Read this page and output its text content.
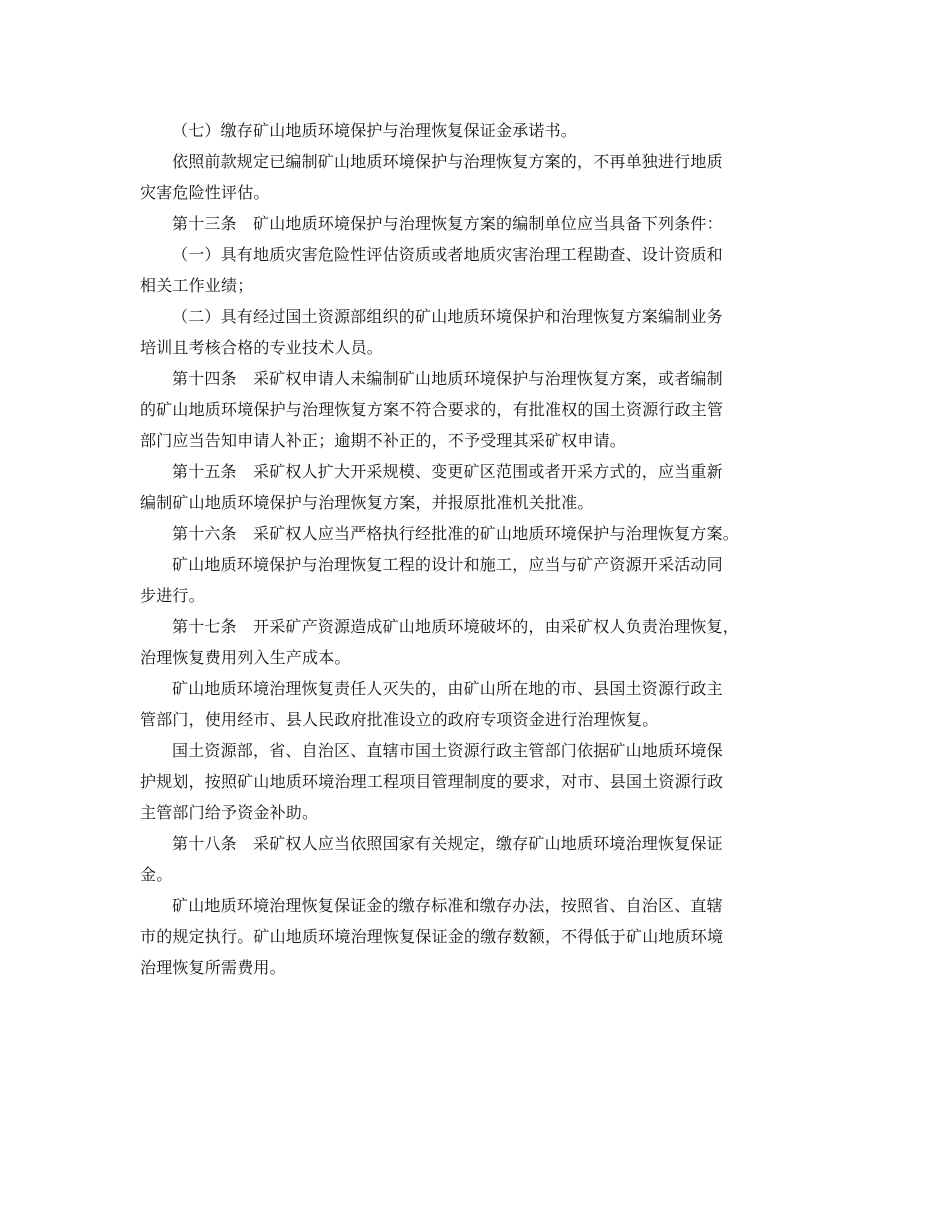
（七）缴存矿山地质环境保护与治理恢复保证金承诺书。

依照前款规定已编制矿山地质环境保护与治理恢复方案的，不再单独进行地质
灾害危险性评估。

第十三条　矿山地质环境保护与治理恢复方案的编制单位应当具备下列条件：

（一）具有地质灾害危险性评估资质或者地质灾害治理工程勘查、设计资质和
相关工作业绩；

（二）具有经过国土资源部组织的矿山地质环境保护和治理恢复方案编制业务
培训且考核合格的专业技术人员。

第十四条　采矿权申请人未编制矿山地质环境保护与治理恢复方案，或者编制
的矿山地质环境保护与治理恢复方案不符合要求的，有批准权的国土资源行政主管
部门应当告知申请人补正；逾期不补正的，不予受理其采矿权申请。

第十五条　采矿权人扩大开采规模、变更矿区范围或者开采方式的，应当重新
编制矿山地质环境保护与治理恢复方案，并报原批准机关批准。

第十六条　采矿权人应当严格执行经批准的矿山地质环境保护与治理恢复方案。

矿山地质环境保护与治理恢复工程的设计和施工，应当与矿产资源开采活动同
步进行。

第十七条　开采矿产资源造成矿山地质环境破坏的，由采矿权人负责治理恢复，
治理恢复费用列入生产成本。

矿山地质环境治理恢复责任人灭失的，由矿山所在地的市、县国土资源行政主
管部门，使用经市、县人民政府批准设立的政府专项资金进行治理恢复。

国土资源部，省、自治区、直辖市国土资源行政主管部门依据矿山地质环境保
护规划，按照矿山地质环境治理工程项目管理制度的要求，对市、县国土资源行政
主管部门给予资金补助。

第十八条　采矿权人应当依照国家有关规定，缴存矿山地质环境治理恢复保证
金。

矿山地质环境治理恢复保证金的缴存标准和缴存办法，按照省、自治区、直辖
市的规定执行。矿山地质环境治理恢复保证金的缴存数额，不得低于矿山地质环境
治理恢复所需费用。
